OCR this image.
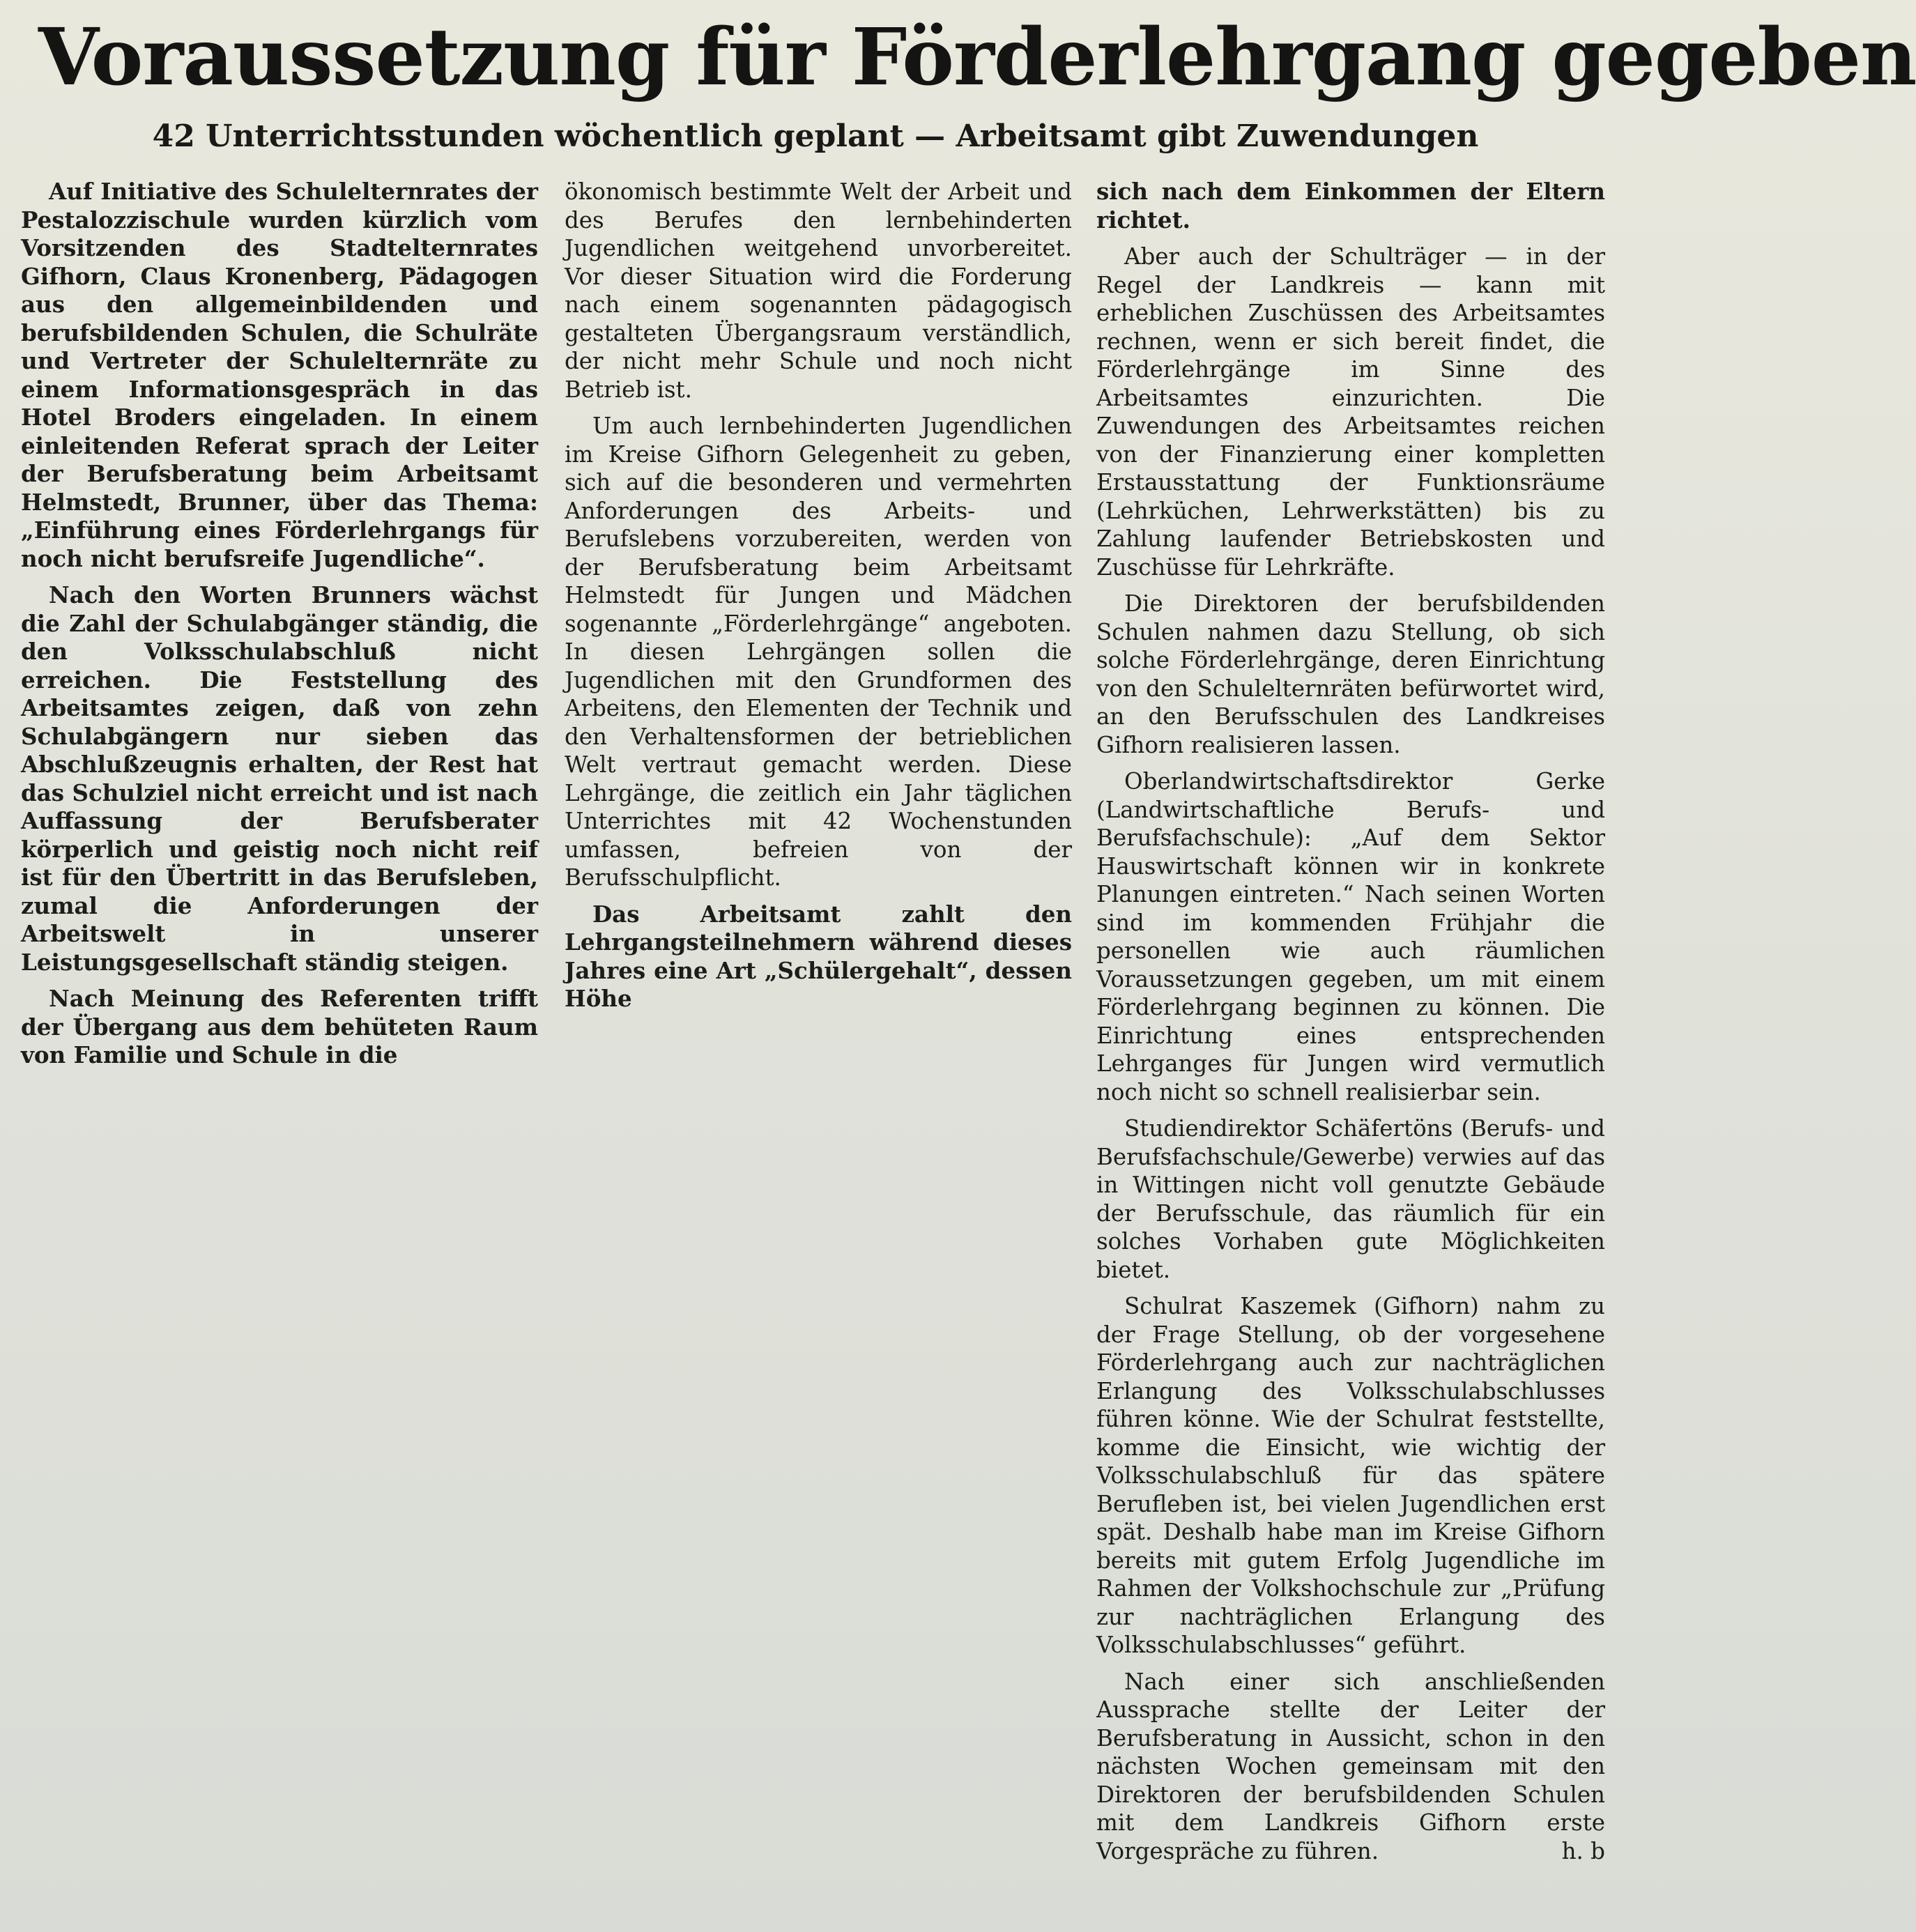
Voraussetzung für Förderlehrgang gegeben
42 Unterrichtsstunden wöchentlich geplant — Arbeitsamt gibt Zuwendungen

Auf Initiative des Schulelternrates der Pestalozzischule wurden kürzlich vom Vorsitzenden des Stadtelternrates Gifhorn, Claus Kronenberg, Pädagogen aus den allgemeinbildenden und berufsbildenden Schulen, die Schulräte und Vertreter der Schulelternräte zu einem Informationsgespräch in das Hotel Broders eingeladen. In einem einleitenden Referat sprach der Leiter der Berufsberatung beim Arbeitsamt Helmstedt, Brunner, über das Thema: „Einführung eines Förderlehrgangs für noch nicht berufsreife Jugendliche“.

Nach den Worten Brunners wächst die Zahl der Schulabgänger ständig, die den Volksschulabschluß nicht erreichen. Die Feststellung des Arbeitsamtes zeigen, daß von zehn Schulabgängern nur sieben das Abschlußzeugnis erhalten, der Rest hat das Schulziel nicht erreicht und ist nach Auffassung der Berufsberater körperlich und geistig noch nicht reif ist für den Übertritt in das Berufsleben, zumal die Anforderungen der Arbeitswelt in unserer Leistungsgesellschaft ständig steigen.

Nach Meinung des Referenten trifft der Übergang aus dem behüteten Raum von Familie und Schule in die

ökonomisch bestimmte Welt der Arbeit und des Berufes den lernbehinderten Jugendlichen weitgehend unvorbereitet. Vor dieser Situation wird die Forderung nach einem sogenannten pädagogisch gestalteten Übergangsraum verständlich, der nicht mehr Schule und noch nicht Betrieb ist.

Um auch lernbehinderten Jugendlichen im Kreise Gifhorn Gelegenheit zu geben, sich auf die besonderen und vermehrten Anforderungen des Arbeits- und Berufslebens vorzubereiten, werden von der Berufsberatung beim Arbeitsamt Helmstedt für Jungen und Mädchen sogenannte „Förderlehrgänge“ angeboten. In diesen Lehrgängen sollen die Jugendlichen mit den Grundformen des Arbeitens, den Elementen der Technik und den Verhaltensformen der betrieblichen Welt vertraut gemacht werden. Diese Lehrgänge, die zeitlich ein Jahr täglichen Unterrichtes mit 42 Wochenstunden umfassen, befreien von der Berufsschulpflicht.

Das Arbeitsamt zahlt den Lehrgangsteilnehmern während dieses Jahres eine Art „Schülergehalt“, dessen Höhe

sich nach dem Einkommen der Eltern richtet.

Aber auch der Schulträger — in der Regel der Landkreis — kann mit erheblichen Zuschüssen des Arbeitsamtes rechnen, wenn er sich bereit findet, die Förderlehrgänge im Sinne des Arbeitsamtes einzurichten. Die Zuwendungen des Arbeitsamtes reichen von der Finanzierung einer kompletten Erstausstattung der Funktionsräume (Lehrküchen, Lehrwerkstätten) bis zu Zahlung laufender Betriebskosten und Zuschüsse für Lehrkräfte.

Die Direktoren der berufsbildenden Schulen nahmen dazu Stellung, ob sich solche Förderlehrgänge, deren Einrichtung von den Schulelternräten befürwortet wird, an den Berufsschulen des Landkreises Gifhorn realisieren lassen.

Oberlandwirtschaftsdirektor Gerke (Landwirtschaftliche Berufs- und Berufsfachschule): „Auf dem Sektor Hauswirtschaft können wir in konkrete Planungen eintreten.“ Nach seinen Worten sind im kommenden Frühjahr die personellen wie auch räumlichen Voraussetzungen gegeben, um mit einem Förderlehrgang beginnen zu können. Die Einrichtung eines entsprechenden Lehrganges für Jungen wird vermutlich noch nicht so schnell realisierbar sein.

Studiendirektor Schäfertöns (Berufs- und Berufsfachschule/Gewerbe) verwies auf das in Wittingen nicht voll genutzte Gebäude der Berufsschule, das räumlich für ein solches Vorhaben gute Möglichkeiten bietet.

Schulrat Kaszemek (Gifhorn) nahm zu der Frage Stellung, ob der vorgesehene Förderlehrgang auch zur nachträglichen Erlangung des Volksschulabschlusses führen könne. Wie der Schulrat feststellte, komme die Einsicht, wie wichtig der Volksschulabschluß für das spätere Berufleben ist, bei vielen Jugendlichen erst spät. Deshalb habe man im Kreise Gifhorn bereits mit gutem Erfolg Jugendliche im Rahmen der Volkshochschule zur „Prüfung zur nachträglichen Erlangung des Volksschulabschlusses“ geführt.

Nach einer sich anschließenden Aussprache stellte der Leiter der Berufsberatung in Aussicht, schon in den nächsten Wochen gemeinsam mit den Direktoren der berufsbildenden Schulen mit dem Landkreis Gifhorn erste Vorgespräche zu führen.	h. b
